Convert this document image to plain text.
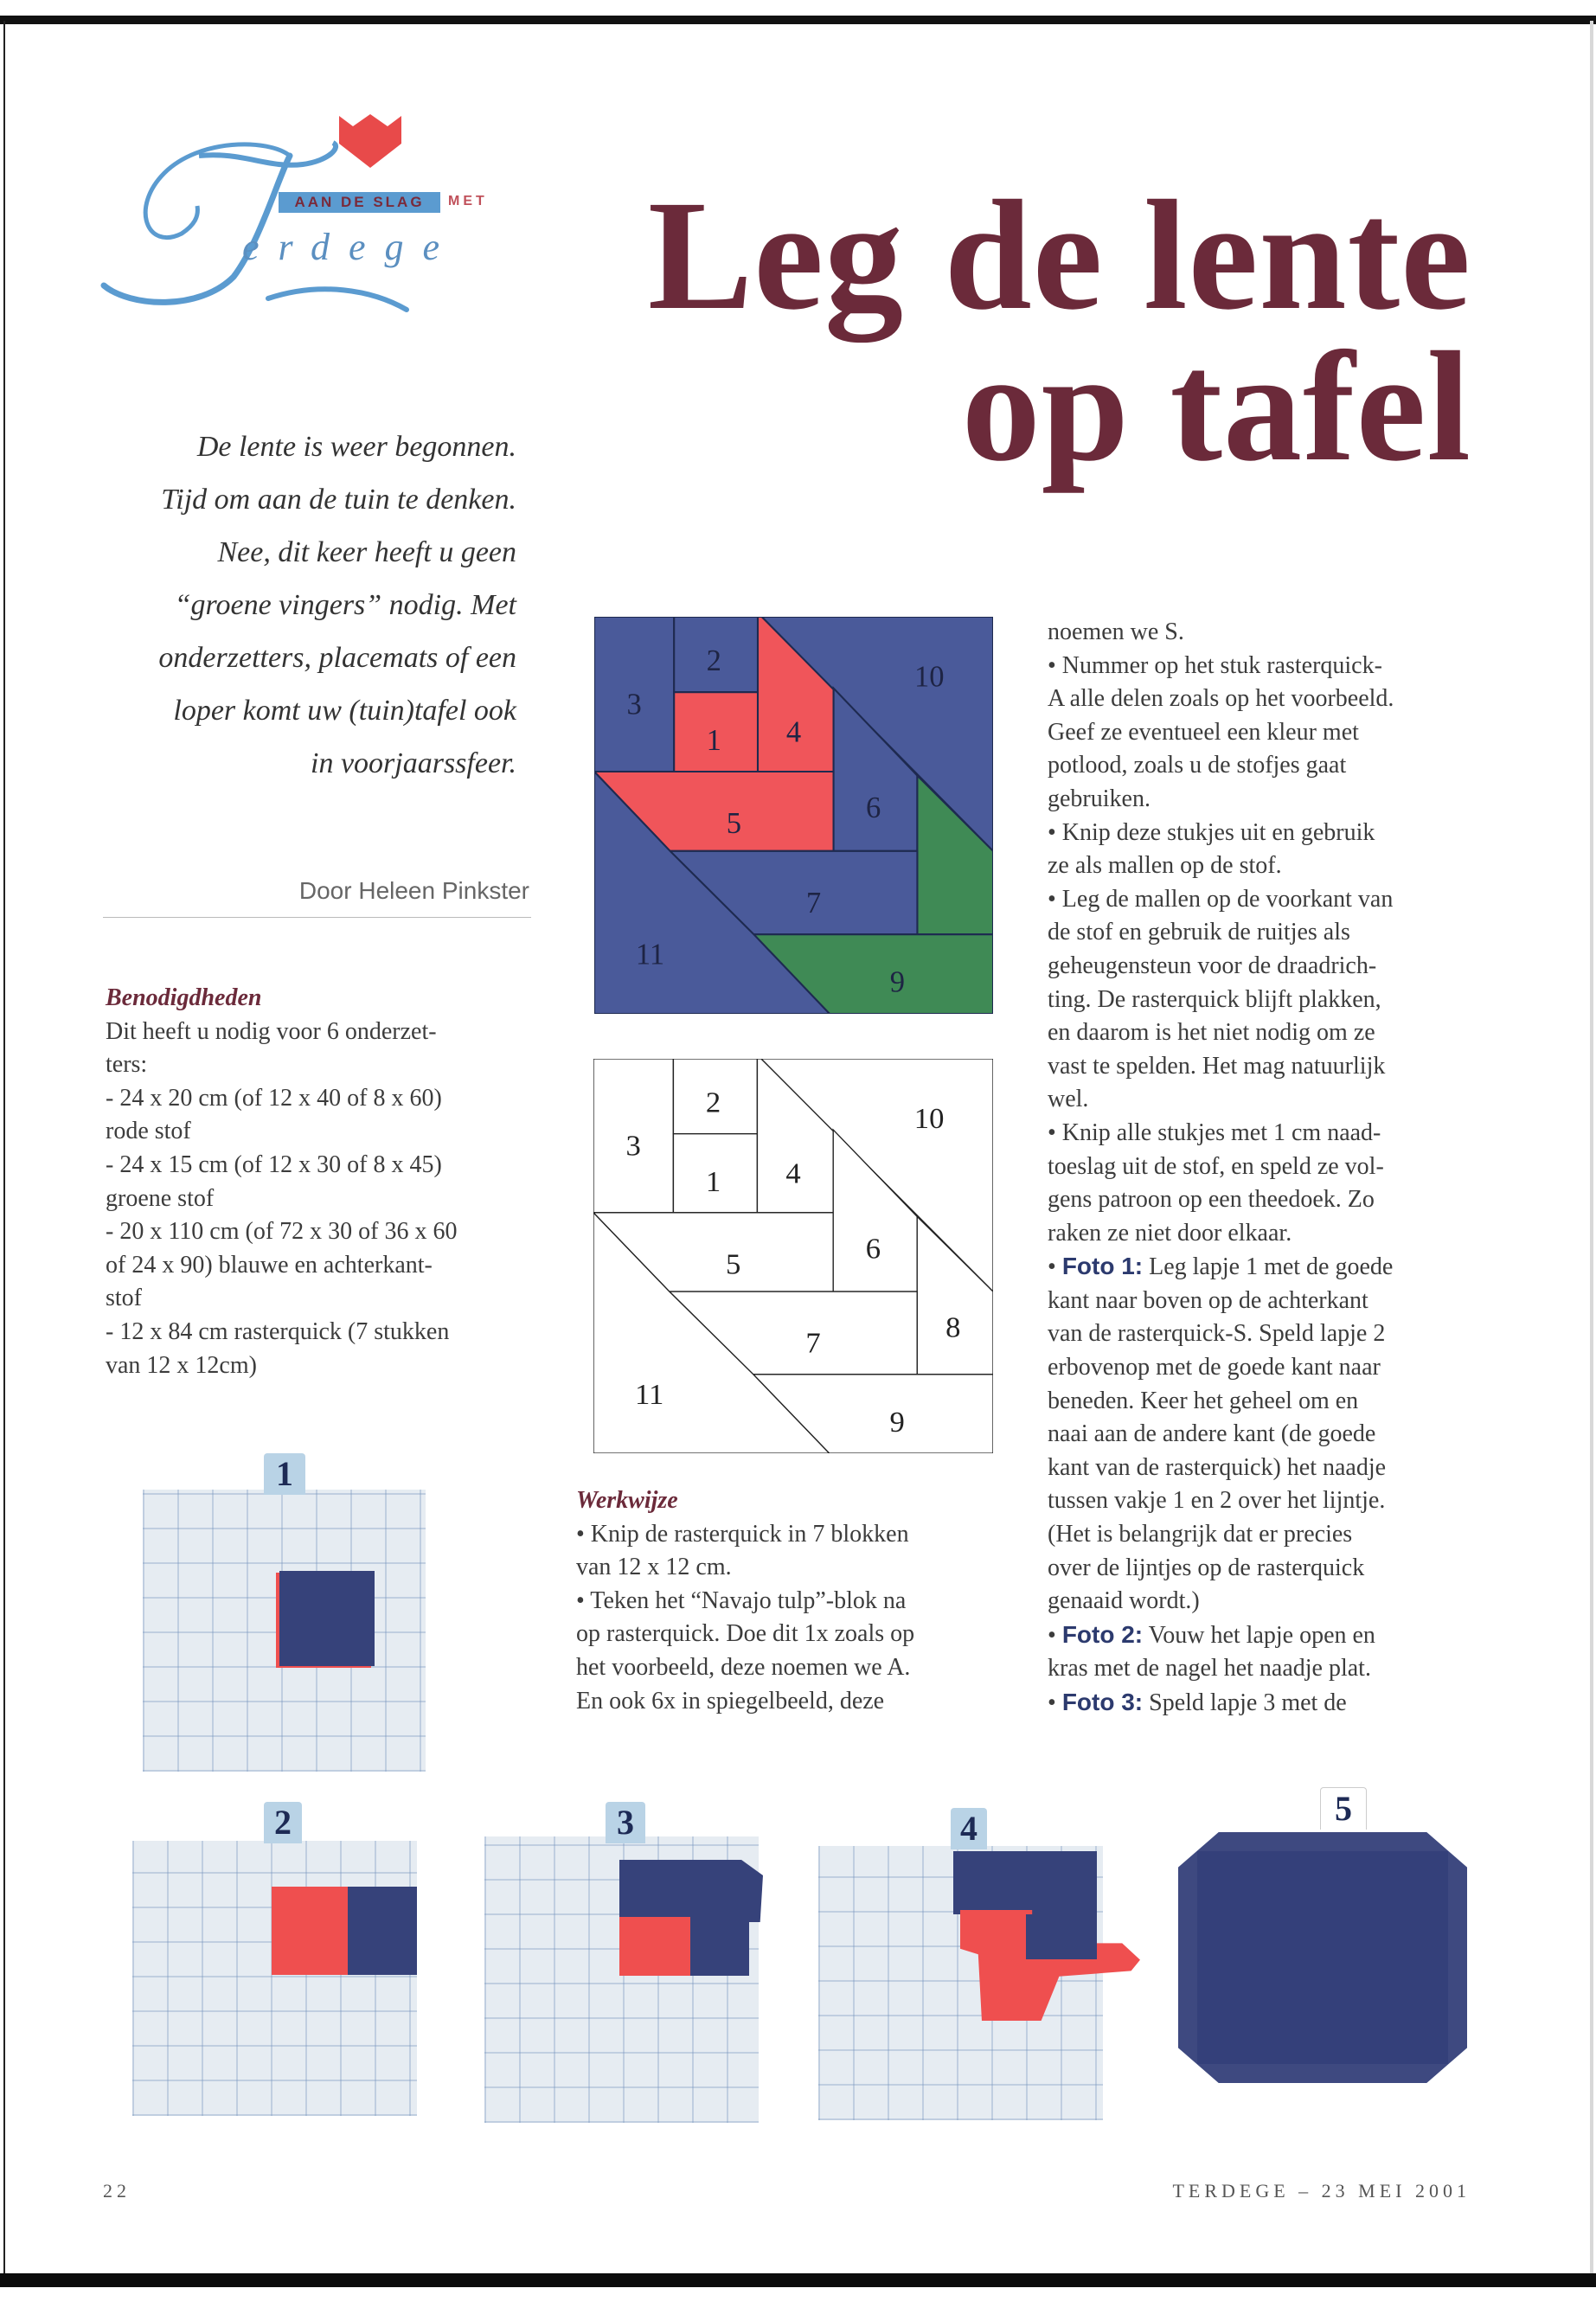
AAN DE SLAG	MET
erdege Leg de lente
op tafel
De lente is weer begonnen.
Tijd om aan de tuin te denken.
Nee, dit keer heeft u geen
“groene vingers” nodig. Met
onderzetters, placemats of een
loper komt uw (tuin)tafel ook
in voorjaarssfeer.
Door Heleen Pinkster
Benodigdheden
Dit heeft u nodig voor 6 onderzet-
ters:
- 24 x 20 cm (of 12 x 40 of 8 x 60)
rode stof
- 24 x 15 cm (of 12 x 30 of 8 x 45)
groene stof
- 20 x 110 cm (of 72 x 30 of 36 x 60
of 24 x 90) blauwe en achterkant-
stof
- 12 x 84 cm rasterquick (7 stukken
van 12 x 12cm)
3
2
1	4
10
5	6
7
9
11
3
2
1	4
10
5	6
8
7
9
11
Werkwijze
• Knip de rasterquick in 7 blokken
van 12 x 12 cm.
• Teken het “Navajo tulp”-blok na
op rasterquick. Doe dit 1x zoals op
het voorbeeld, deze noemen we A.
En ook 6x in spiegelbeeld, deze
noemen we S.
• Nummer op het stuk rasterquick-
A alle delen zoals op het voorbeeld.
Geef ze eventueel een kleur met
potlood, zoals u de stofjes gaat
gebruiken.
• Knip deze stukjes uit en gebruik
ze als mallen op de stof.
• Leg de mallen op de voorkant van
de stof en gebruik de ruitjes als
geheugensteun voor de draadrich-
ting. De rasterquick blijft plakken,
en daarom is het niet nodig om ze
vast te spelden. Het mag natuurlijk
wel.
• Knip alle stukjes met 1 cm naad-
toeslag uit de stof, en speld ze vol-
gens patroon op een theedoek. Zo
raken ze niet door elkaar.
• Foto 1: Leg lapje 1 met de goede
kant naar boven op de achterkant
van de rasterquick-S. Speld lapje 2
erbovenop met de goede kant naar
beneden. Keer het geheel om en
naai aan de andere kant (de goede
kant van de rasterquick) het naadje
tussen vakje 1 en 2 over het lijntje.
(Het is belangrijk dat er precies
over de lijntjes op de rasterquick
genaaid wordt.)
• Foto 2: Vouw het lapje open en
kras met de nagel het naadje plat.
• Foto 3: Speld lapje 3 met de
1
2	3	4
5
22	TERDEGE – 23 MEI 2001
